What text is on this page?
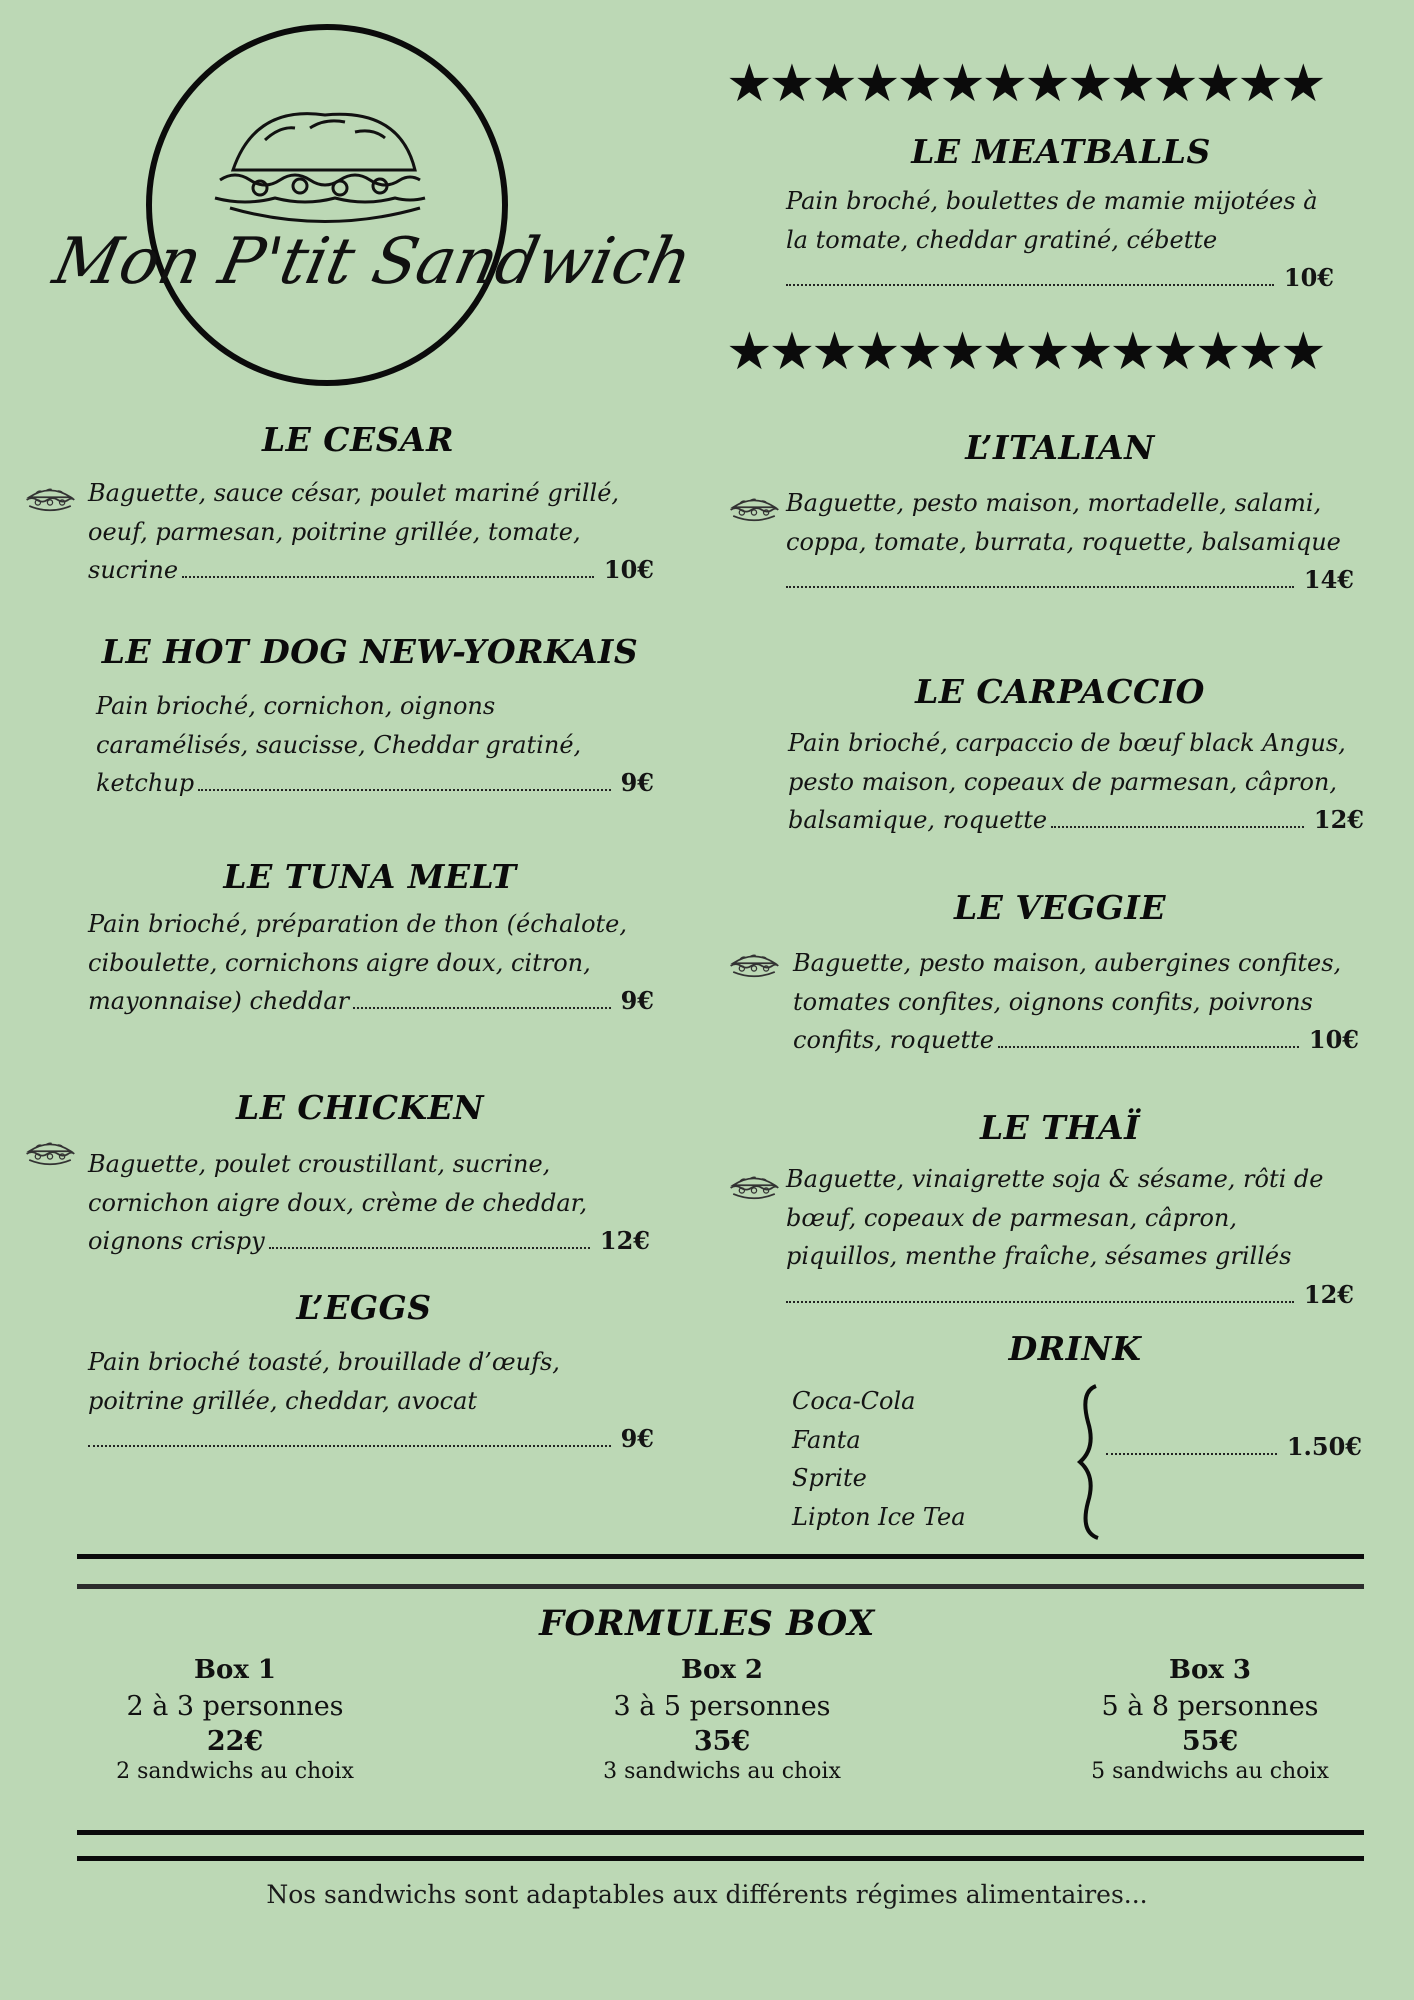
Mon P'tit Sandwich
LE CESAR
Baguette, sauce césar, poulet mariné grillé,
oeuf, parmesan, poitrine grillée, tomate,
sucrine	10€
LE HOT DOG NEW-YORKAIS
Pain brioché, cornichon, oignons
caramélisés, saucisse, Cheddar gratiné,
ketchup	9€
LE TUNA MELT
Pain brioché, préparation de thon (échalote,
ciboulette, cornichons aigre doux, citron,
mayonnaise) cheddar	9€
LE CHICKEN
Baguette, poulet croustillant, sucrine,
cornichon aigre doux, crème de cheddar,
oignons crispy	12€
L’EGGS
Pain brioché toasté, brouillade d’œufs,
poitrine grillée, cheddar, avocat
9€
★★★★★★★★★★★★★★
LE MEATBALLS
Pain broché, boulettes de mamie mijotées à
la tomate, cheddar gratiné, cébette
10€
★★★★★★★★★★★★★★
L’ITALIAN
Baguette, pesto maison, mortadelle, salami,
coppa, tomate, burrata, roquette, balsamique
14€
LE CARPACCIO
Pain brioché, carpaccio de bœuf black Angus,
pesto maison, copeaux de parmesan, câpron,
balsamique, roquette	12€
LE VEGGIE
Baguette, pesto maison, aubergines confites,
tomates confites, oignons confits, poivrons
confits, roquette	10€
LE THAÏ
Baguette, vinaigrette soja & sésame, rôti de
bœuf, copeaux de parmesan, câpron,
piquillos, menthe fraîche, sésames grillés
12€
DRINK
Coca-Cola
Fanta
Sprite
Lipton Ice Tea
1.50€
FORMULES BOX
Box 1
2 à 3 personnes
22€
2 sandwichs au choix
Box 2
3 à 5 personnes
35€
3 sandwichs au choix
Box 3
5 à 8 personnes
55€
5 sandwichs au choix
Nos sandwichs sont adaptables aux différents régimes alimentaires...
